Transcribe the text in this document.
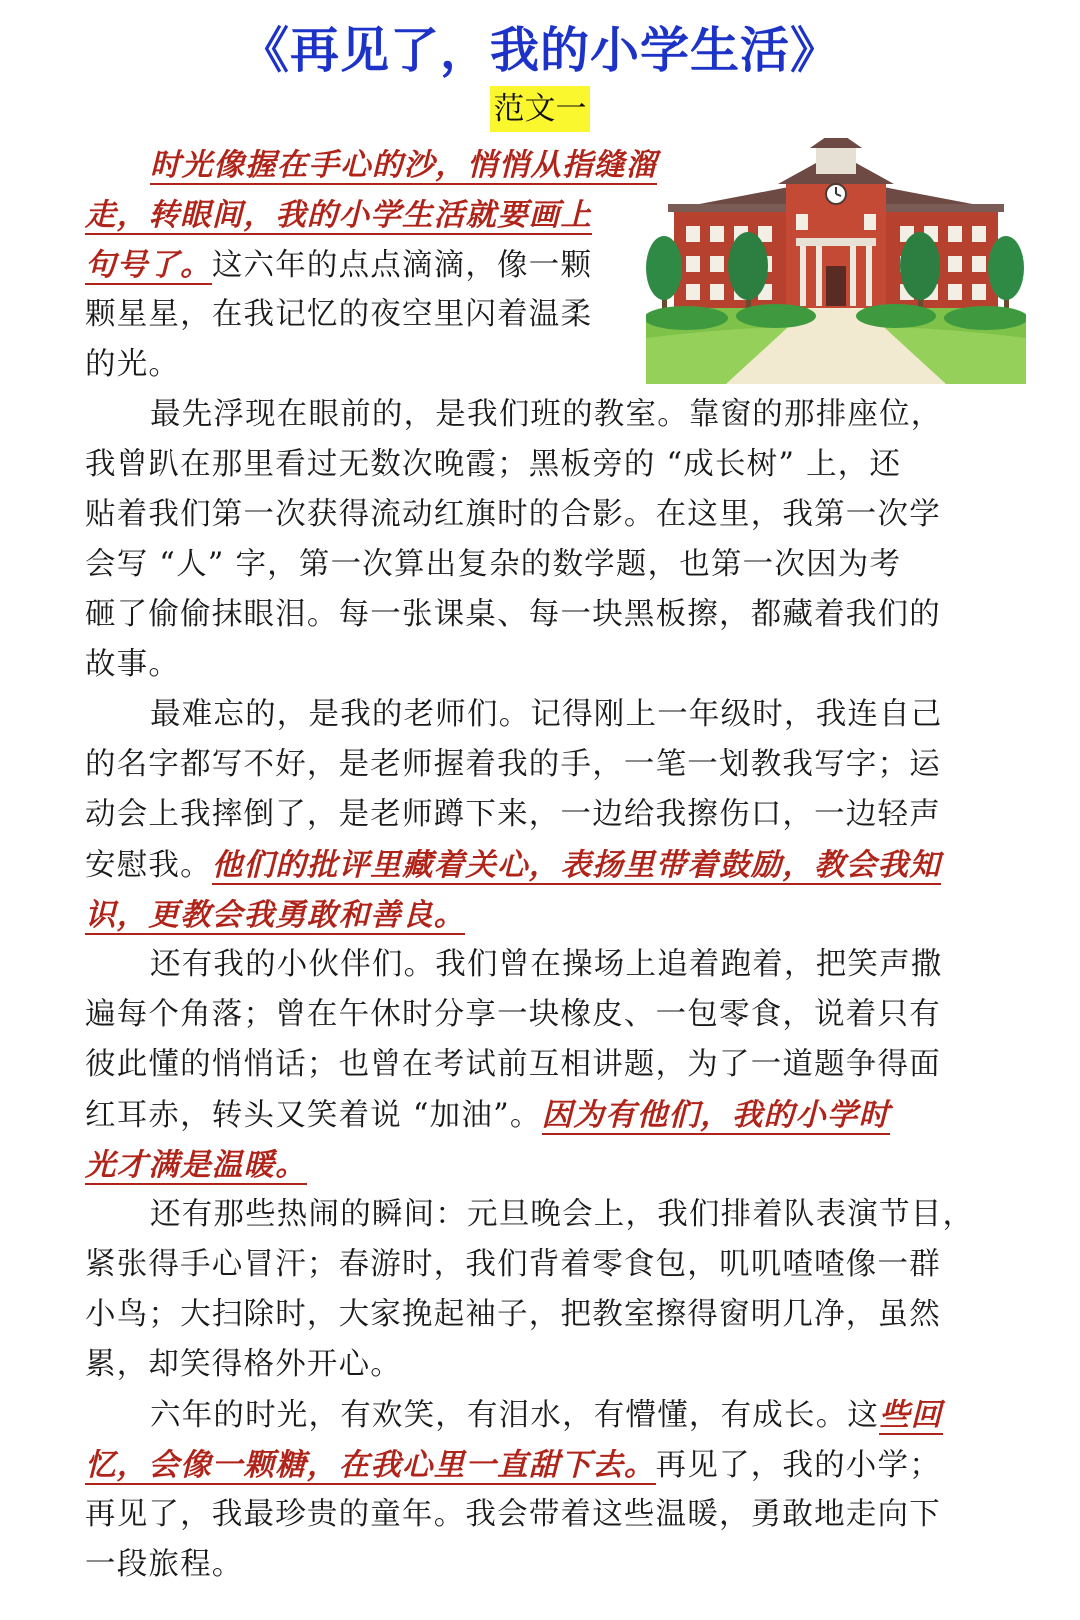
《再见了，我的小学生活》
范文一
时光像握在手心的沙，悄悄从指缝溜
走，转眼间，我的小学生活就要画上
句号了。这六年的点点滴滴，像一颗
颗星星，在我记忆的夜空里闪着温柔
的光。
最先浮现在眼前的，是我们班的教室。靠窗的那排座位，
我曾趴在那里看过无数次晚霞；黑板旁的 “成长树” 上，还
贴着我们第一次获得流动红旗时的合影。在这里，我第一次学
会写 “人” 字，第一次算出复杂的数学题，也第一次因为考
砸了偷偷抹眼泪。每一张课桌、每一块黑板擦，都藏着我们的
故事。
最难忘的，是我的老师们。记得刚上一年级时，我连自己
的名字都写不好，是老师握着我的手，一笔一划教我写字；运
动会上我摔倒了，是老师蹲下来，一边给我擦伤口，一边轻声
安慰我。他们的批评里藏着关心，表扬里带着鼓励，教会我知
识，更教会我勇敢和善良。
还有我的小伙伴们。我们曾在操场上追着跑着，把笑声撒
遍每个角落；曾在午休时分享一块橡皮、一包零食，说着只有
彼此懂的悄悄话；也曾在考试前互相讲题，为了一道题争得面
红耳赤，转头又笑着说 “加油”。因为有他们，我的小学时
光才满是温暖。
还有那些热闹的瞬间：元旦晚会上，我们排着队表演节目，
紧张得手心冒汗；春游时，我们背着零食包，叽叽喳喳像一群
小鸟；大扫除时，大家挽起袖子，把教室擦得窗明几净，虽然
累，却笑得格外开心。
六年的时光，有欢笑，有泪水，有懵懂，有成长。这些回
忆，会像一颗糖，在我心里一直甜下去。再见了，我的小学；
再见了，我最珍贵的童年。我会带着这些温暖，勇敢地走向下
一段旅程。
